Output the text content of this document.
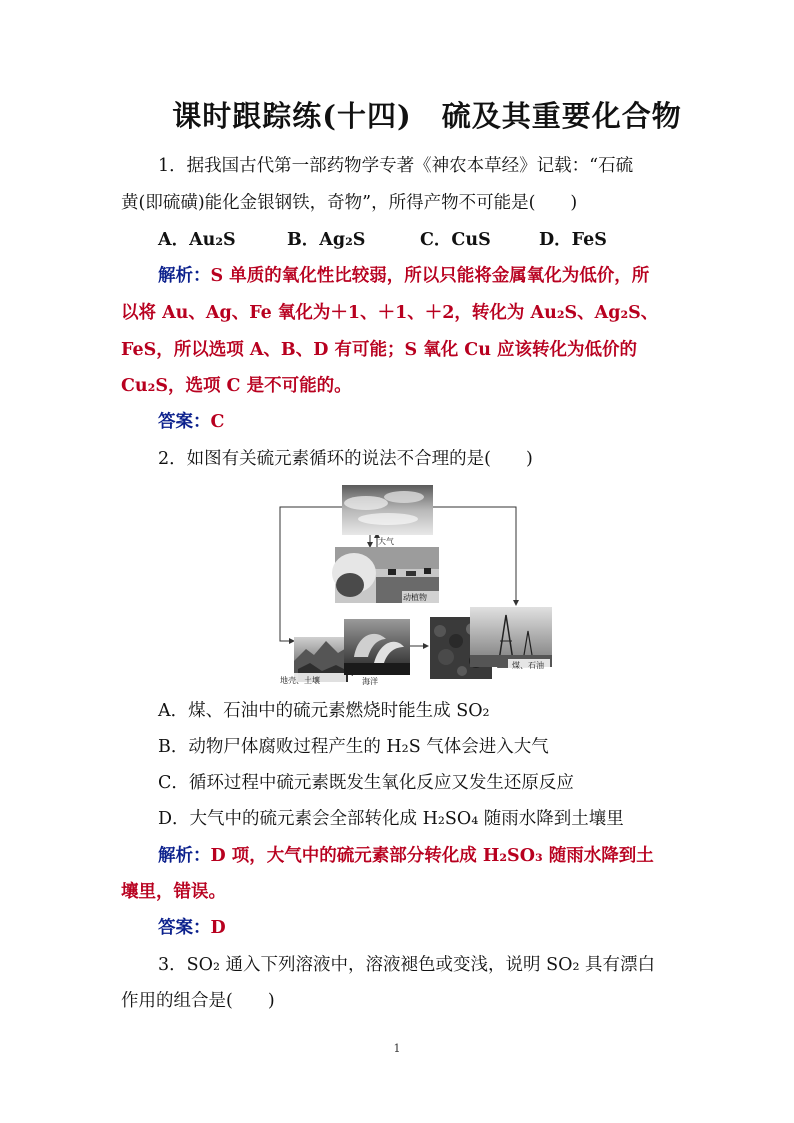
课时跟踪练(十四)　硫及其重要化合物
1．据我国古代第一部药物学专著《神农本草经》记载：“石硫
黄(即硫磺)能化金银钢铁，奇物”，所得产物不可能是(　　)
A．Au₂S	B．Ag₂S	C．CuS	D．FeS
解析：S 单质的氧化性比较弱，所以只能将金属氧化为低价，所
以将 Au、Ag、Fe 氧化为＋1、＋1、＋2，转化为 Au₂S、Ag₂S、
FeS，所以选项 A、B、D 有可能；S 氧化 Cu 应该转化为低价的
Cu₂S，选项 C 是不可能的。
答案：C
2．如图有关硫元素循环的说法不合理的是(　　)
大气
动植物
地壳、土壤	海洋
煤、石油
A．煤、石油中的硫元素燃烧时能生成 SO₂
B．动物尸体腐败过程产生的 H₂S 气体会进入大气
C．循环过程中硫元素既发生氧化反应又发生还原反应
D．大气中的硫元素会全部转化成 H₂SO₄ 随雨水降到土壤里
解析：D 项，大气中的硫元素部分转化成 H₂SO₃ 随雨水降到土
壤里，错误。
答案：D
3．SO₂ 通入下列溶液中，溶液褪色或变浅，说明 SO₂ 具有漂白
作用的组合是(　　)
1
